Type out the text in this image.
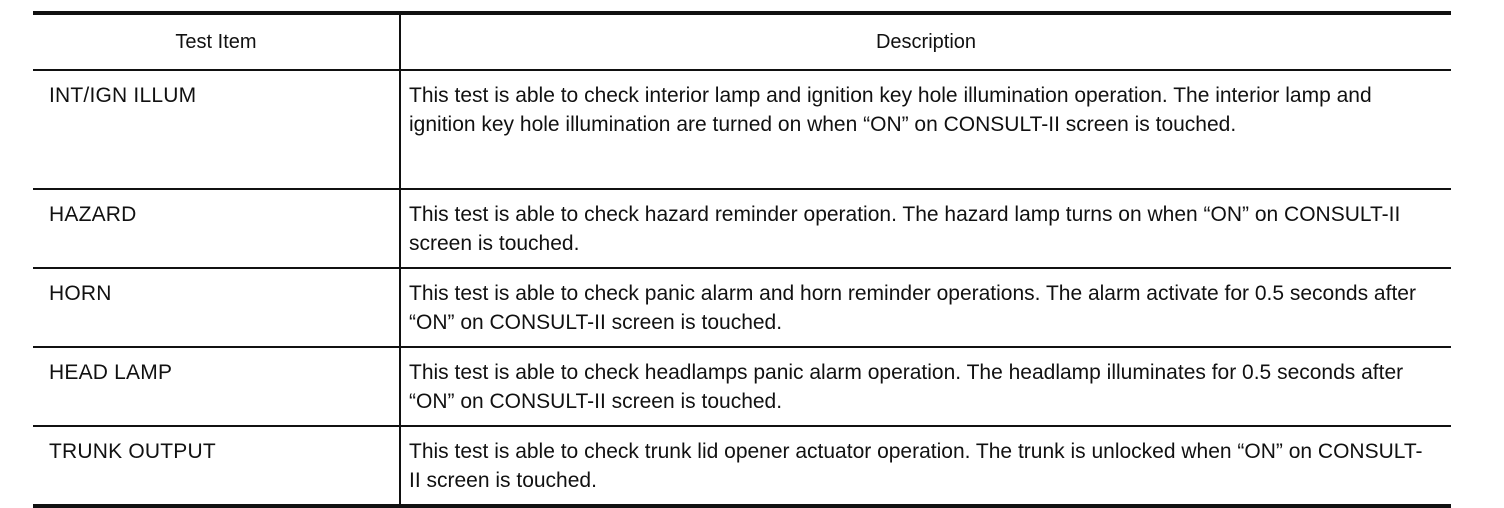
Test Item	Description
INT/IGN ILLUM	This test is able to check interior lamp and ignition key hole illumination operation. The interior lamp and ignition key hole illumination are turned on when “ON” on CONSULT-II screen is touched.
HAZARD	This test is able to check hazard reminder operation. The hazard lamp turns on when “ON” on CONSULT-II screen is touched.
HORN	This test is able to check panic alarm and horn reminder operations. The alarm activate for 0.5 seconds after “ON” on CONSULT-II screen is touched.
HEAD LAMP	This test is able to check headlamps panic alarm operation. The headlamp illuminates for 0.5 seconds after “ON” on CONSULT-II screen is touched.
TRUNK OUTPUT	This test is able to check trunk lid opener actuator operation. The trunk is unlocked when “ON” on CONSULT-II screen is touched.
